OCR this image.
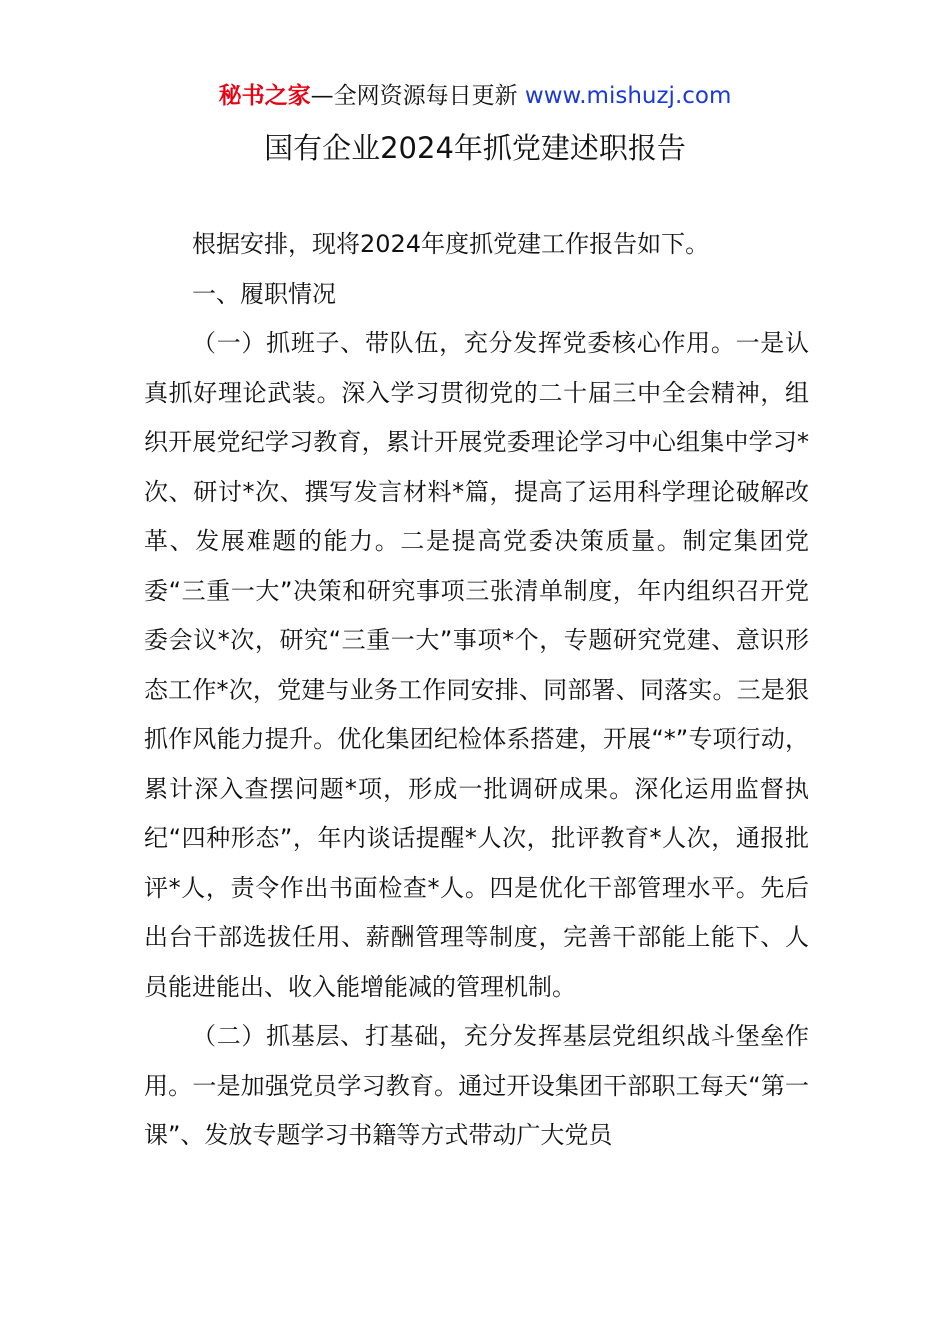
秘书之家—全网资源每日更新 www.mishuzj.com
国有企业2024年抓党建述职报告

根据安排，现将2024年度抓党建工作报告如下。

一、履职情况

（一）抓班子、带队伍，充分发挥党委核心作用。一是认真抓好理论武装。深入学习贯彻党的二十届三中全会精神，组织开展党纪学习教育，累计开展党委理论学习中心组集中学习*次、研讨*次、撰写发言材料*篇，提高了运用科学理论破解改革、发展难题的能力。二是提高党委决策质量。制定集团党委“三重一大”决策和研究事项三张清单制度，年内组织召开党委会议*次，研究“三重一大”事项*个，专题研究党建、意识形态工作*次，党建与业务工作同安排、同部署、同落实。三是狠抓作风能力提升。优化集团纪检体系搭建，开展“*”专项行动，累计深入查摆问题*项，形成一批调研成果。深化运用监督执纪“四种形态”，年内谈话提醒*人次，批评教育*人次，通报批评*人，责令作出书面检查*人。四是优化干部管理水平。先后出台干部选拔任用、薪酬管理等制度，完善干部能上能下、人员能进能出、收入能增能减的管理机制。

（二）抓基层、打基础，充分发挥基层党组织战斗堡垒作用。一是加强党员学习教育。通过开设集团干部职工每天“第一课”、发放专题学习书籍等方式带动广大党员
